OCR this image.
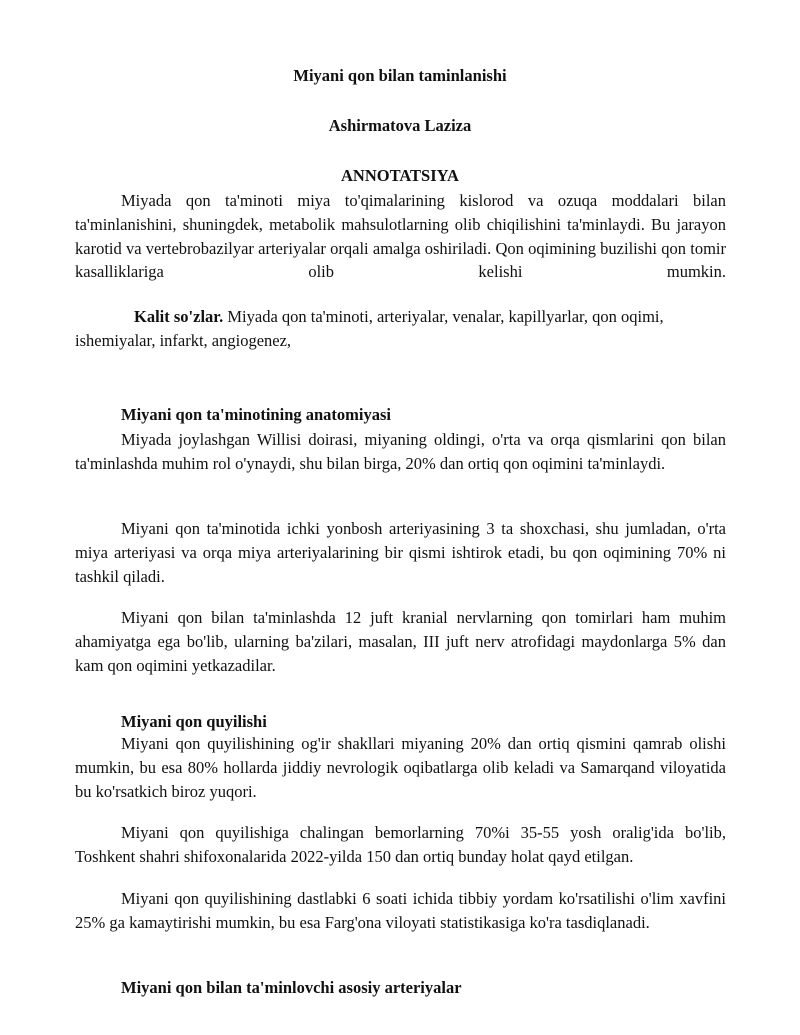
Miyani qon bilan taminlanishi
Ashirmatova Laziza
ANNOTATSIYA

Miyada qon ta'minoti miya to'qimalarining kislorod va ozuqa moddalari bilan ta'minlanishini, shuningdek, metabolik mahsulotlarning olib chiqilishini ta'minlaydi. Bu jarayon karotid va vertebrobazilyar arteriyalar orqali amalga oshiriladi. Qon oqimining buzilishi qon tomir kasalliklariga olib kelishi mumkin.

Kalit so'zlar. Miyada qon ta'minoti, arteriyalar, venalar, kapillyarlar, qon oqimi, ishemiyalar, infarkt, angiogenez,

Miyani qon ta'minotining anatomiyasi

Miyada joylashgan Willisi doirasi, miyaning oldingi, o'rta va orqa qismlarini qon bilan ta'minlashda muhim rol o'ynaydi, shu bilan birga, 20% dan ortiq qon oqimini ta'minlaydi.

Miyani qon ta'minotida ichki yonbosh arteriyasining 3 ta shoxchasi, shu jumladan, o'rta miya arteriyasi va orqa miya arteriyalarining bir qismi ishtirok etadi, bu qon oqimining 70% ni tashkil qiladi.

Miyani qon bilan ta'minlashda 12 juft kranial nervlarning qon tomirlari ham muhim ahamiyatga ega bo'lib, ularning ba'zilari, masalan, III juft nerv atrofidagi maydonlarga 5% dan kam qon oqimini yetkazadilar.

Miyani qon quyilishi

Miyani qon quyilishining og'ir shakllari miyaning 20% dan ortiq qismini qamrab olishi mumkin, bu esa 80% hollarda jiddiy nevrologik oqibatlarga olib keladi va Samarqand viloyatida bu ko'rsatkich biroz yuqori.

Miyani qon quyilishiga chalingan bemorlarning 70%i 35-55 yosh oralig'ida bo'lib, Toshkent shahri shifoxonalarida 2022-yilda 150 dan ortiq bunday holat qayd etilgan.

Miyani qon quyilishining dastlabki 6 soati ichida tibbiy yordam ko'rsatilishi o'lim xavfini 25% ga kamaytirishi mumkin, bu esa Farg'ona viloyati statistikasiga ko'ra tasdiqlanadi.

Miyani qon bilan ta'minlovchi asosiy arteriyalar
